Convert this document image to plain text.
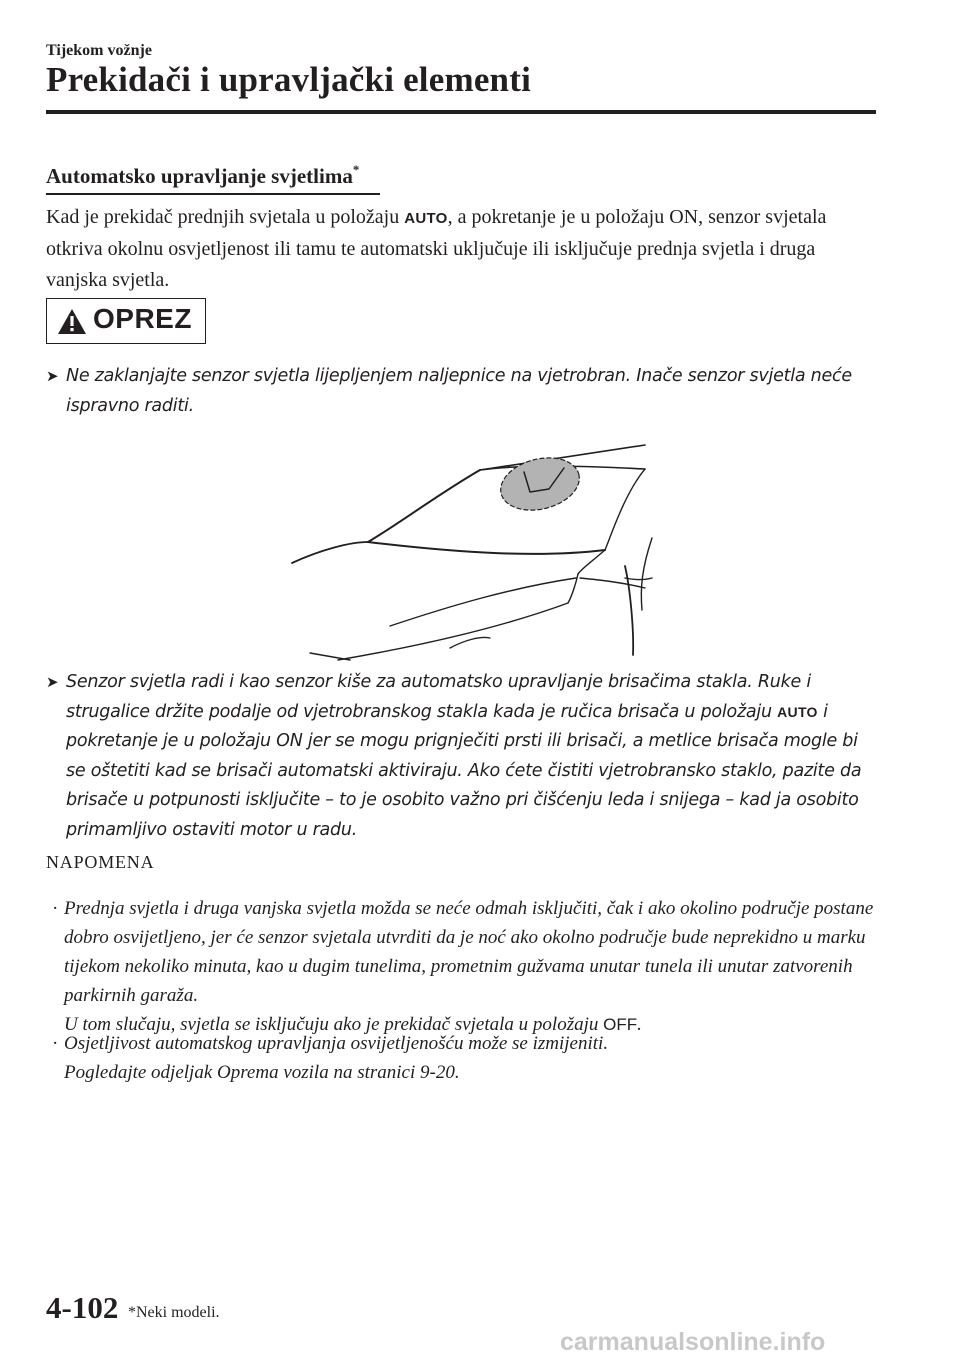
Tijekom vožnje
Prekidači i upravljački elementi
Automatsko upravljanje svjetlima*
Kad je prekidač prednjih svjetala u položaju AUTO, a pokretanje je u položaju ON, senzor svjetala otkriva okolnu osvjetljenost ili tamu te automatski uključuje ili isključuje prednja svjetla i druga vanjska svjetla.
OPREZ
➤ Ne zaklanjajte senzor svjetla lijepljenjem naljepnice na vjetrobran. Inače senzor svjetla neće ispravno raditi.
➤ Senzor svjetla radi i kao senzor kiše za automatsko upravljanje brisačima stakla. Ruke i strugalice držite podalje od vjetrobranskog stakla kada je ručica brisača u položaju AUTO i pokretanje je u položaju ON jer se mogu prignječiti prsti ili brisači, a metlice brisača mogle bi se oštetiti kad se brisači automatski aktiviraju. Ako ćete čistiti vjetrobransko staklo, pazite da brisače u potpunosti isključite – to je osobito važno pri čišćenju leda i snijega – kad ja osobito primamljivo ostaviti motor u radu.
NAPOMENA
· Prednja svjetla i druga vanjska svjetla možda se neće odmah isključiti, čak i ako okolino područje postane dobro osvijetljeno, jer će senzor svjetala utvrditi da je noć ako okolno područje bude neprekidno u marku tijekom nekoliko minuta, kao u dugim tunelima, prometnim gužvama unutar tunela ili unutar zatvorenih parkirnih garaža.
U tom slučaju, svjetla se isključuju ako je prekidač svjetala u položaju OFF.
· Osjetljivost automatskog upravljanja osvijetljenošću može se izmijeniti.
Pogledajte odjeljak Oprema vozila na stranici 9-20.
4-102 *Neki modeli.
carmanualsonline.info
